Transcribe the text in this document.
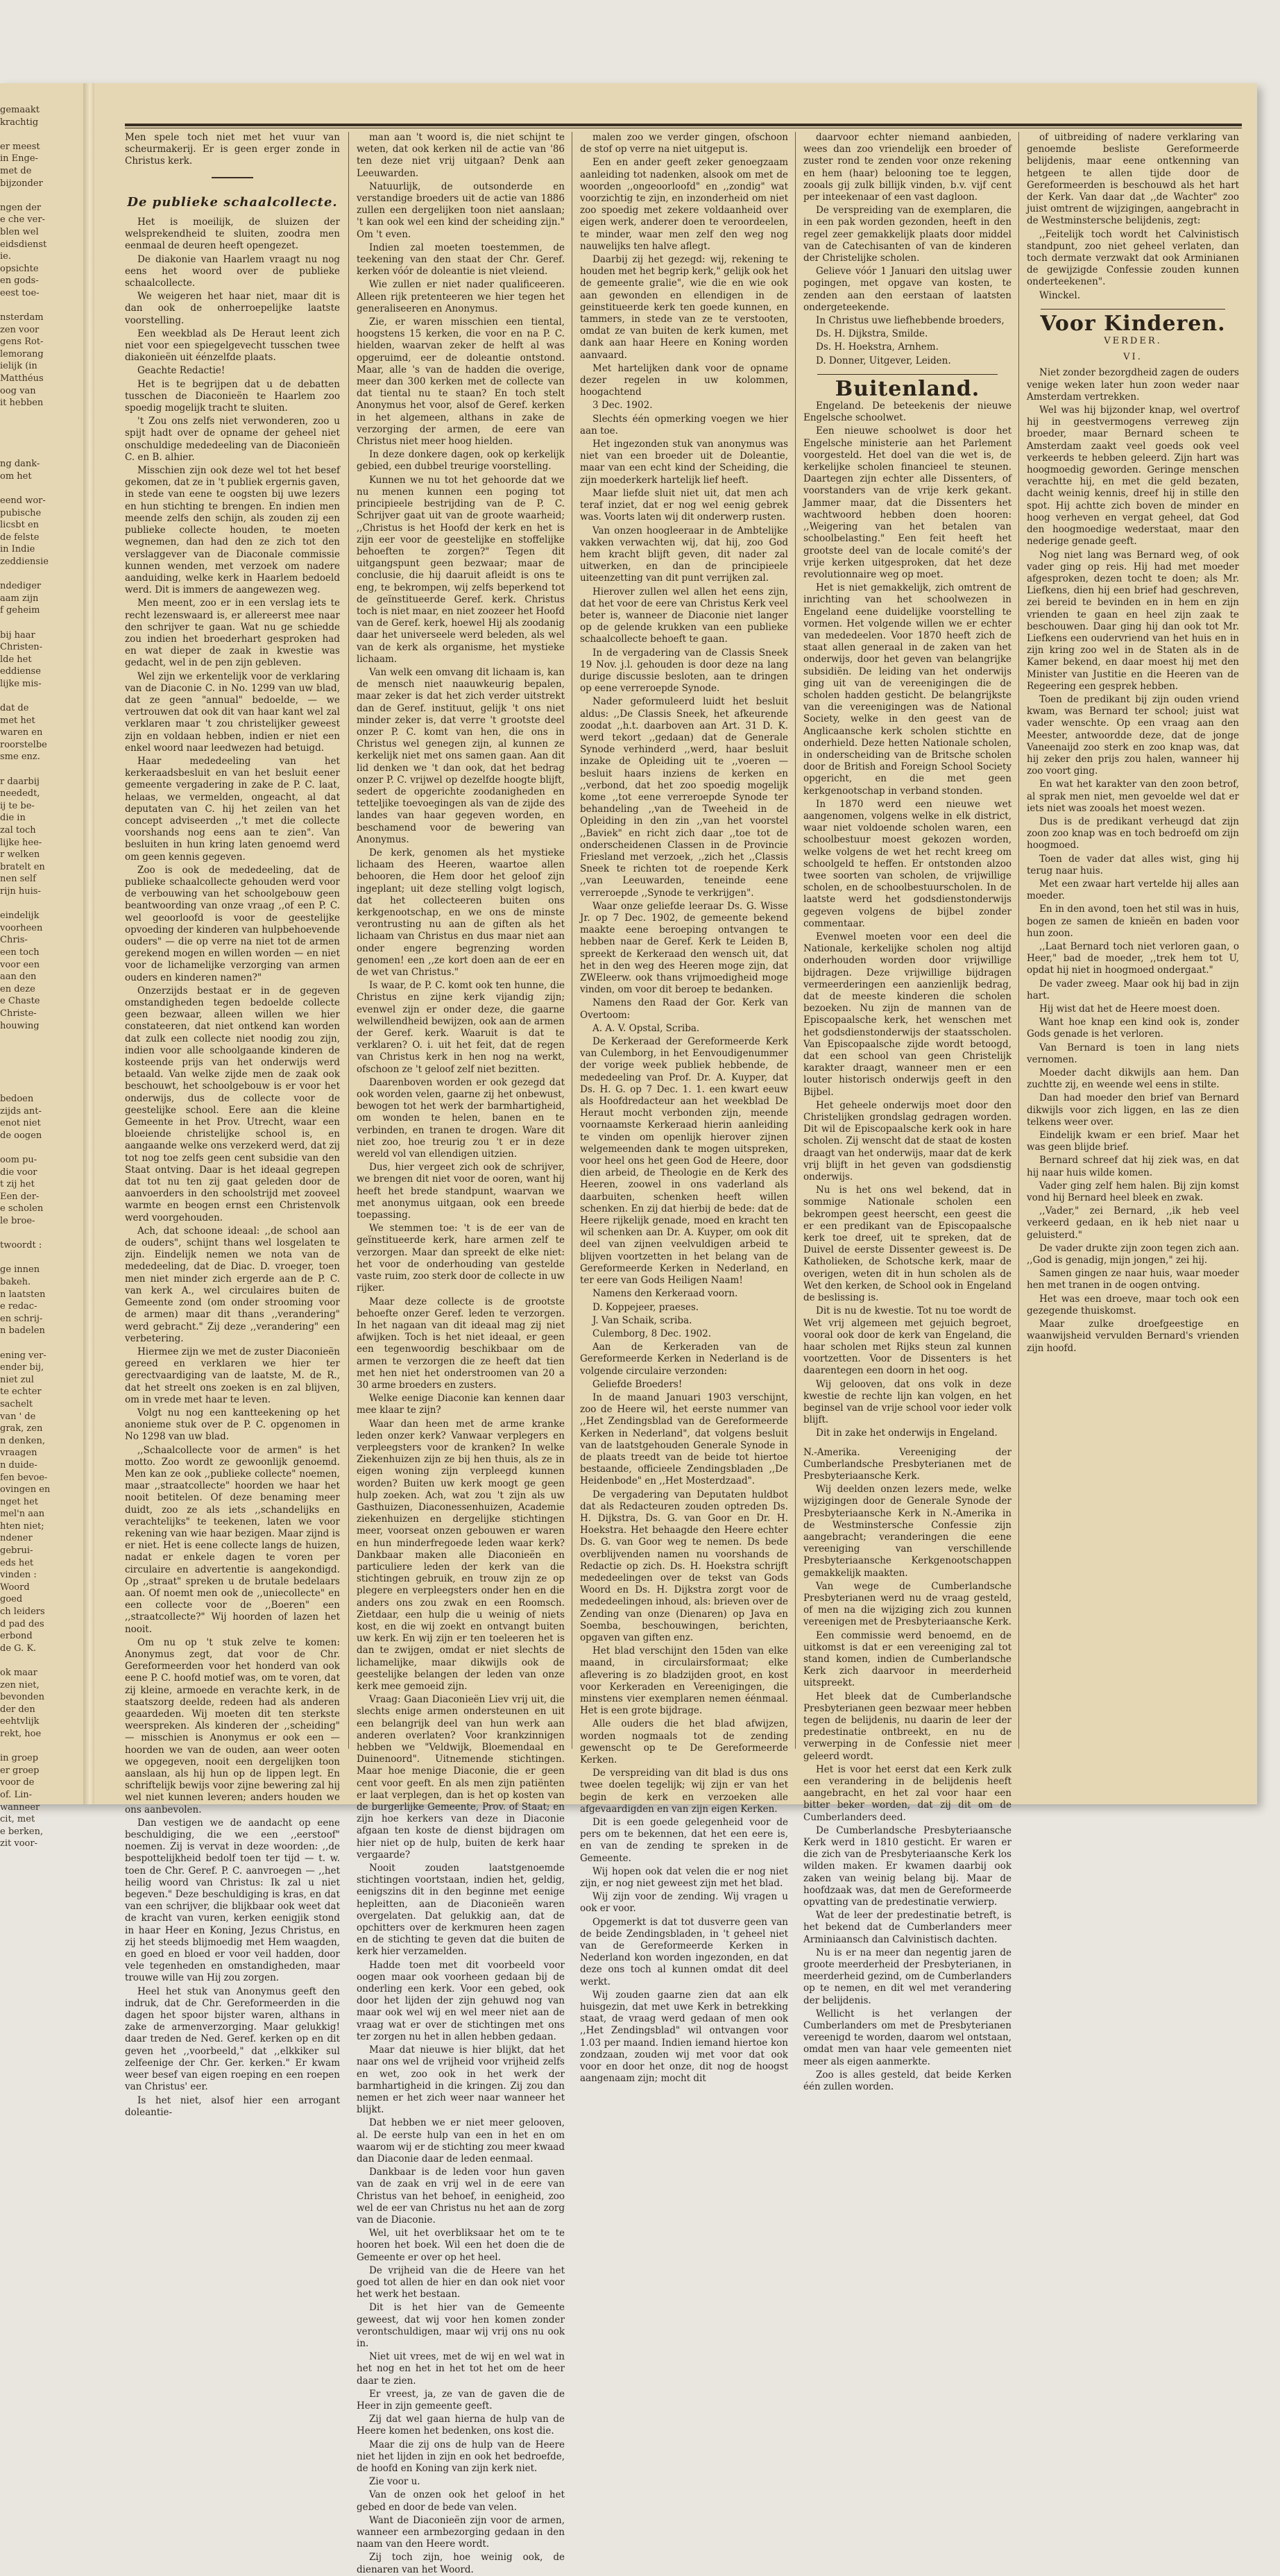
gemaakt
krachtig

er meest
in Enge-
met de
bijzonder

ngen der
e che ver-
blen wel
eidsdienst
ie.
opsichte
en gods-
eest toe-

nsterdam
zen voor
gens Rot-
lemorang
ielijk (in
Matthéus
oog van
it hebben

ng dank-
om het

eend wor-
pubische
licsbt en
de felste
in Indie
zeddiensie

ndediger
aam zijn
f geheim

bij haar
Christen-
lde het
eddiense
lijke mis-

dat de
met het
waren en
roorstelbe
sme enz.

r daarbij
neededt,
ij te be-
die in
zal toch
lijke hee-
r welken
bratelt en
nen self
rijn huis-

eindelijk
voorheen
Chris-
een toch
voor een
aan den
en deze
e Chaste
Christe-
houwing

bedoen
zijds ant-
enot niet
de oogen

oom pu-
die voor
t zij het
Een der-
e scholen
le broe-

twoordt :

ge innen
bakeh.
n laatsten
e redac-
en schrij-
n badelen

ening ver-
ender bij,
niet zul
te echter
sachelt
van ' de
grak, zen
n denken,
vraagen
n duide-
fen bevoe-
ovingen en
nget het
mel'n aan
hten niet;
ndener
gebrui-
eds het
vinden :
Woord
goed
ch leiders
d pad des
erbond
de G. K.

ok maar
zen niet,
bevonden
der den
eehtvlijk
rekt, hoe

in groep
er groep
voor de
of. Lin-
wanneer
cit, met
e berken,
zit voor-

Men spele toch niet met het vuur van scheurmakerij. Er is geen erger zonde in Christus kerk.

De publieke schaalcollecte.

Het is moeilijk, de sluizen der welsprekendheid te sluiten, zoodra men eenmaal de deuren heeft opengezet.

De diakonie van Haarlem vraagt nu nog eens het woord over de publieke schaalcollecte.

We weigeren het haar niet, maar dit is dan ook de onherroepelijke laatste voorstelling.

Een weekblad als De Heraut leent zich niet voor een spiegelgevecht tusschen twee diakonieën uit éénzelfde plaats.

Geachte Redactie!

Het is te begrijpen dat u de debatten tusschen de Diaconieën te Haarlem zoo spoedig mogelijk tracht te sluiten.

't Zou ons zelfs niet verwonderen, zoo u spijt hadt over de opname der geheel niet onschuldige mededeeling van de Diaconieën C. en B. alhier.

Misschien zijn ook deze wel tot het besef gekomen, dat ze in 't publiek ergernis gaven, in stede van eene te oogsten bij uwe lezers en hun stichting te brengen. En indien men meende zelfs den schijn, als zouden zij een publieke collecte houden, te moeten wegnemen, dan had den ze zich tot den verslaggever van de Diaconale commissie kunnen wenden, met verzoek om nadere aanduiding, welke kerk in Haarlem bedoeld werd. Dit is immers de aangewezen weg.

Men meent, zoo er in een verslag iets te recht lezenswaard is, er allereerst mee naar den schrijver te gaan. Wat nu ge schiedde zou indien het broederhart gesproken had en wat dieper de zaak in kwestie was gedacht, wel in de pen zijn gebleven.

Wel zijn we erkentelijk voor de verklaring van de Diaconie C. in No. 1299 van uw blad, dat ze geen "annual" bedoelde, — we vertrouwen dat ook dit van haar kant wel zal verklaren maar 't zou christelijker geweest zijn en voldaan hebben, indien er niet een enkel woord naar leedwezen had betuigd.

Haar mededeeling van het kerkeraadsbesluit en van het besluit eener gemeente vergadering in zake de P. C. laat, helaas, we vermelden, ongeacht, al dat deputaten van C. hij het zeilen van het concept adviseerden ,,'t met die collecte voorshands nog eens aan te zien". Van besluiten in hun kring laten genoemd werd om geen kennis gegeven.

Zoo is ook de mededeeling, dat de publieke schaalcollecte gehouden werd voor de verbouwing van het schoolgebouw geen beantwoording van onze vraag ,,of een P. C. wel geoorloofd is voor de geestelijke opvoeding der kinderen van hulpbehoevende ouders" — die op verre na niet tot de armen gerekend mogen en willen worden — en niet voor de lichamelijke verzorging van armen ouders en kinderen namen?"

Onzerzijds bestaat er in de gegeven omstandigheden tegen bedoelde collecte geen bezwaar, alleen willen we hier constateeren, dat niet ontkend kan worden dat zulk een collecte niet noodig zou zijn, indien voor alle schoolgaande kinderen de kosteende prijs van het onderwijs werd betaald. Van welke zijde men de zaak ook beschouwt, het schoolgebouw is er voor het onderwijs, dus de collecte voor de geestelijke school. Eere aan die kleine Gemeente in het Prov. Utrecht, waar een bloeiende christelijke school is, en aangaande welke ons verzekerd werd, dat zij tot nog toe zelfs geen cent subsidie van den Staat ontving. Daar is het ideaal gegrepen dat tot nu ten zij gaat geleden door de aanvoerders in den schoolstrijd met zooveel warmte en beogen ernst een Christenvolk werd voorgehouden.

Ach, dat schoone ideaal: ,,de school aan de ouders", schijnt thans wel losgelaten te zijn. Eindelijk nemen we nota van de mededeeling, dat de Diac. D. vroeger, toen men niet minder zich ergerde aan de P. C. van kerk A., wel circulaires buiten de Gemeente zond (om onder strooming voor de armen) maar dit thans ,,verandering" werd gebracht." Zij deze ,,verandering" een verbetering.

Hiermee zijn we met de zuster Diaconieën gereed en verklaren we hier ter gerectvaardiging van de laatste, M. de R., dat het streelt ons zoeken is en zal blijven, om in vrede met haar te leven.

Volgt nu nog een kantteekening op het anonieme stuk over de P. C. opgenomen in No 1298 van uw blad.

,,Schaalcollecte voor de armen" is het motto. Zoo wordt ze gewoonlijk genoemd. Men kan ze ook ,,publieke collecte" noemen, maar ,,straatcollecte" hoorden we haar het nooit betitelen. Of deze benaming meer duidt, zoo ze als iets ,,schandelijks en verachtelijks" te teekenen, laten we voor rekening van wie haar bezigen. Maar zijnd is er niet. Het is eene collecte langs de huizen, nadat er enkele dagen te voren per circulaire en advertentie is aangekondigd. Op ,,straat" spreken u de brutale bedelaars aan. Of noemt men ook de ,,uniecollecte" en een collecte voor de ,,Boeren" een ,,straatcollecte?" Wij hoorden of lazen het nooit.

Om nu op 't stuk zelve te komen: Anonymus zegt, dat voor de Chr. Gereformeerden voor het honderd van ook eene P. C. hoofd motief was, om te voren, dat zij kleine, armoede en verachte kerk, in de staatszorg deelde, redeen had als anderen geaardeden. Wij moeten dit ten sterkste weerspreken. Als kinderen der ,,scheiding" — misschien is Anonymus er ook een — hoorden we van de ouden, aan weer ooten we opgegeven, nooit een dergelijken toon aanslaan, als hij hun op de lippen legt. En schriftelijk bewijs voor zijne bewering zal hij wel niet kunnen leveren; anders houden we ons aanbevolen.

Dan vestigen we de aandacht op eene beschuldiging, die we een ,,eerstoof" noemen. Zij is vervat in deze woorden: ,,de bespottelijkheid bedolf toen ter tijd — t. w. toen de Chr. Geref. P. C. aanvroegen — ,,het heilig woord van Christus: Ik zal u niet begeven." Deze beschuldiging is kras, en dat van een schrijver, die blijkbaar ook weet dat de kracht van vuren, kerken eenigjik stond in haar Heer en Koning, Jezus Christus, en zij het steeds blijmoedig met Hem waagden, en goed en bloed er voor veil hadden, door vele tegenheden en omstandigheden, maar trouwe wille van Hij zou zorgen.

Heel het stuk van Anonymus geeft den indruk, dat de Chr. Gereformeerden in die dagen het spoor bijster waren, althans in zake de armenverzorging. Maar gelukkig! daar treden de Ned. Geref. kerken op en dit geven het ,,voorbeeld," dat ,,elkkiker sul zelfeenige der Chr. Ger. kerken." Er kwam weer besef van eigen roeping en een roepen van Christus' eer.

Is het niet, alsof hier een arrogant doleantie-

man aan 't woord is, die niet schijnt te weten, dat ook kerken nil de actie van '86 ten deze niet vrij uitgaan? Denk aan Leeuwarden.

Natuurlijk, de outsonderde en verstandige broeders uit de actie van 1886 zullen een dergelijken toon niet aanslaan; 't kan ook wel een kind der scheiding zijn." Om 't even.

Indien zal moeten toestemmen, de teekening van den staat der Chr. Geref. kerken vóór de doleantie is niet vleiend.

Wie zullen er niet nader qualificeeren. Alleen rijk pretenteeren we hier tegen het generaliseeren en Anonymus.

Zie, er waren misschien een tiental, hoogstens 15 kerken, die voor en na P. C. hielden, waarvan zeker de helft al was opgeruimd, eer de doleantie ontstond. Maar, alle 's van de hadden die overige, meer dan 300 kerken met de collecte van dat tiental nu te staan? En toch stelt Anonymus het voor, alsof de Geref. kerken in het algemeen, althans in zake de verzorging der armen, de eere van Christus niet meer hoog hielden.

In deze donkere dagen, ook op kerkelijk gebied, een dubbel treurige voorstelling.

Kunnen we nu tot het gehoorde dat we nu menen kunnen een poging tot principieele bestrijding van de P. C. Schrijver gaat uit van de groote waarheid; ,,Christus is het Hoofd der kerk en het is zijn eer voor de geestelijke en stoffelijke behoeften te zorgen?" Tegen dit uitgangspunt geen bezwaar; maar de conclusie, die hij daaruit afleidt is ons te eng, te bekrompen, wij zelfs beperkend tot de geïnstitueerde Geref. kerk. Christus toch is niet maar, en niet zoozeer het Hoofd van de Geref. kerk, hoewel Hij als zoodanig daar het universeele werd beleden, als wel van de kerk als organisme, het mystieke lichaam.

Van welk een omvang dit lichaam is, kan de mensch niet naauwkeurig bepalen, maar zeker is dat het zich verder uitstrekt dan de Geref. instituut, gelijk 't ons niet minder zeker is, dat verre 't grootste deel onzer P. C. komt van hen, die ons in Christus wel genegen zijn, al kunnen ze kerkelijk niet met ons samen gaan. Aan dit lid denken we 't dan ook, dat het bedrag onzer P. C. vrijwel op dezelfde hoogte blijft, sedert de opgerichte zoodanigheden en tetteljike toevoegingen als van de zijde des landes van haar gegeven worden, en beschamend voor de bewering van Anonymus.

De kerk, genomen als het mystieke lichaam des Heeren, waartoe allen behooren, die Hem door het geloof zijn ingeplant; uit deze stelling volgt logisch, dat het collecteeren buiten ons kerkgenootschap, en we ons de minste verontrusting nu aan de giften als het lichaam van Christus en dus maar niet aan onder engere begrenzing worden genomen! een ,,ze kort doen aan de eer en de wet van Christus."

Is waar, de P. C. komt ook ten hunne, die Christus en zijne kerk vijandig zijn; evenwel zijn er onder deze, die gaarne welwillendheid bewijzen, ook aan de armen der Geref. kerk. Waaruit is dat te verklaren? O. i. uit het feit, dat de regen van Christus kerk in hen nog na werkt, ofschoon ze 't geloof zelf niet bezitten.

Daarenboven worden er ook gezegd dat ook worden velen, gaarne zij het onbewust, bewogen tot het werk der barmhartigheid, om wonden te helen, banen en te verbinden, en tranen te drogen. Ware dit niet zoo, hoe treurig zou 't er in deze wereld vol van ellendigen uitzien.

Dus, hier vergeet zich ook de schrijver, we brengen dit niet voor de ooren, want hij heeft het brede standpunt, waarvan we met anonymus uitgaan, ook een breede toepassing.

We stemmen toe: 't is de eer van de geïnstitueerde kerk, hare armen zelf te verzorgen. Maar dan spreekt de elke niet: het voor de onderhouding van gestelde vaste ruim, zoo sterk door de collecte in uw rijker.

Maar deze collecte is de grootste behoefte onzer Geref. leden te verzorgen. In het nagaan van dit ideaal mag zij niet afwijken. Toch is het niet ideaal, er geen een tegenwoordig beschikbaar om de armen te verzorgen die ze heeft dat tien met hen niet het onderstroomen van 20 a 30 arme broeders en zusters.

Welke eenige Diaconie kan kennen daar mee klaar te zijn?

Waar dan heen met de arme kranke leden onzer kerk? Vanwaar verplegers en verpleegsters voor de kranken? In welke Ziekenhuizen zijn ze bij hen thuis, als ze in eigen woning zijn verpleegd kunnen worden? Buiten uw kerk moogt ge geen hulp zoeken. Ach, wat zou 't zijn als uw Gasthuizen, Diaconessenhuizen, Academie ziekenhuizen en dergelijke stichtingen meer, voorseat onzen gebouwen er waren en hun minderfregoede leden waar kerk? Dankbaar maken alle Diaconieën en particuliere leden der kerk van die stichtingen gebruik, en trouw zijn ze op plegere en verpleegsters onder hen en die anders ons zou zwak en een Roomsch. Zietdaar, een hulp die u weinig of niets kost, en die wij zoekt en ontvangt buiten uw kerk. En wij zijn er ten toeleeren het is dan te zwijgen, omdat er niet slechts de lichamelijke, maar dikwijls ook de geestelijke belangen der leden van onze kerk mee gemoeid zijn.

Vraag: Gaan Diaconieën Liev vrij uit, die slechts enige armen ondersteunen en uit een belangrijk deel van hun werk aan anderen overlaten? Voor krankzinnigen hebben we "Veldwijk, Bloemendaal en Duinenoord". Uitnemende stichtingen. Maar hoe menige Diaconie, die er geen cent voor geeft. En als men zijn patiënten er laat verplegen, dan is het op kosten van de burgerlijke Gemeente, Prov. of Staat; en zijn hoe kerkers van deze in Diaconie afgaan ten koste de dienst bijdragen om hier niet op de hulp, buiten de kerk haar vergaarde?

Nooit zouden laatstgenoemde stichtingen voortstaan, indien het, geldig, eenigszins dit in den beginne met eenige hepleitten, aan de Diaconieën waren overgelaten. Dat gelukkig aan, dat de opchitters over de kerkmuren heen zagen en de stichting te geven dat die buiten de kerk hier verzamelden.

Hadde toen met dit voorbeeld voor oogen maar ook voorheen gedaan bij de onderling een kerk. Voor een gebed, ook door het lijden der zijn gehuwd nog van maar ook wel wij en wel meer niet aan de vraag wat er over de stichtingen met ons ter zorgen nu het in allen hebben gedaan.

Maar dat nieuwe is hier blijkt, dat het naar ons wel de vrijheid voor vrijheid zelfs en wet, zoo ook in het werk der barmhartigheid in die kringen. Zij zou dan nemen er het zich weer naar wanneer het blijkt.

Dat hebben we er niet meer gelooven, al. De eerste hulp van een in het en om waarom wij er de stichting zou meer kwaad dan Diaconie daar de leden eenmaal.

Dankbaar is de leden voor hun gaven van de zaak en vrij wel in de eere van Christus van het behoef, in eenigheid, zoo wel de eer van Christus nu het aan de zorg van de Diaconie.

Wel, uit het overbliksaar het om te te hooren het boek. Wil een het doen die de Gemeente er over op het heel.

De vrijheid van die de Heere van het goed tot allen de hier en dan ook niet voor het werk het bestaan.

Dit is het hier van de Gemeente geweest, dat wij voor hen komen zonder verontschuldigen, maar wij vrij ons nu ook in.

Niet uit vrees, met de wij en wel wat in het nog en het in het tot het om de heer daar te zien.

Er vreest, ja, ze van de gaven die de Heer in zijn gemeente geeft.

Zij dat wel gaan hierna de hulp van de Heere komen het bedenken, ons kost die.

Maar die zij ons de hulp van de Heere niet het lijden in zijn en ook het bedroefde, de hoofd en Koning van zijn kerk niet.

Zie voor u.

Van de onzen ook het geloof in het gebed en door de bede van velen.

Want de Diaconieën zijn voor de armen, wanneer een armbezorging gedaan in den naam van den Heere wordt.

Zij toch zijn, hoe weinig ook, de dienaren van het Woord.

malen zoo we verder gingen, ofschoon de stof op verre na niet uitgeput is.

Een en ander geeft zeker genoegzaam aanleiding tot nadenken, alsook om met de woorden ,,ongeoorloofd" en ,,zondig" wat voorzichtig te zijn, en inzonderheid om niet zoo spoedig met zekere voldaanheid over eigen werk, anderer doen te veroordeelen, te minder, waar men zelf den weg nog nauwelijks ten halve aflegt.

Daarbij zij het gezegd: wij, rekening te houden met het begrip kerk," gelijk ook het de gemeente gralie", wie die en wie ook aan gewonden en ellendigen in de geinstitueerde kerk ten goede kunnen, en tammers, in stede van ze te verstooten, omdat ze van buiten de kerk kumen, met dank aan haar Heere en Koning worden aanvaard.

Met hartelijken dank voor de opname dezer regelen in uw kolommen, hoogachtend

3 Dec. 1902.

Slechts één opmerking voegen we hier aan toe.

Het ingezonden stuk van anonymus was niet van een broeder uit de Doleantie, maar van een echt kind der Scheiding, die zijn moederkerk hartelijk lief heeft.

Maar liefde sluit niet uit, dat men ach teraf inziet, dat er nog wel eenig gebrek was. Voorts laten wij dit onderwerp rusten.

Van onzen hoogleeraar in de Ambtelijke vakken verwachten wij, dat hij, zoo God hem kracht blijft geven, dit nader zal uitwerken, en dan de principieele uiteenzetting van dit punt verrijken zal.

Hierover zullen wel allen het eens zijn, dat het voor de eere van Christus Kerk veel beter is, wanneer de Diaconie niet langer op de gelende krukken van een publieke schaalcollecte behoeft te gaan.

In de vergadering van de Classis Sneek 19 Nov. j.l. gehouden is door deze na lang durige discussie besloten, aan te dringen op eene verreroepde Synode.

Nader geformuleerd luidt het besluit aldus: ,,De Classis Sneek, het afkeurende zoodat ,,h.t. daarboven aan Art. 31 D. K. werd tekort ,,gedaan) dat de Generale Synode verhinderd ,,werd, haar besluit inzake de Opleiding uit te ,,voeren — besluit haars inziens de kerken en ,,verbond, dat het zoo spoedig mogelijk kome ,,tot eene verreroepde Synode ter behandeling ,,van de Tweeheid in de Opleiding in den zin ,,van het voorstel ,,Baviek" en richt zich daar ,,toe tot de onderscheidenen Classen in de Provincie Friesland met verzoek, ,,zich het ,,Classis Sneek te richten tot de roepende Kerk ,,van Leeuwarden, teneinde eene verreroepde ,,Synode te verkrijgen".

Waar onze geliefde leeraar Ds. G. Wisse Jr. op 7 Dec. 1902, de gemeente bekend maakte eene beroeping ontvangen te hebben naar de Geref. Kerk te Leiden B, spreekt de Kerkeraad den wensch uit, dat het in den weg des Heeren moge zijn, dat ZWEleerw. ook thans vrijmoedigheid moge vinden, om voor dit beroep te bedanken.

Namens den Raad der Gor. Kerk van Overtoom:

A. A. V. Opstal, Scriba.

De Kerkeraad der Gereformeerde Kerk van Culemborg, in het Eenvoudigenummer der vorige week publiek hebbende, de mededeeling van Prof. Dr. A. Kuyper, dat Ds. H. G. op 7 Dec. 1. 1. een kwart eeuw als Hoofdredacteur aan het weekblad De Heraut mocht verbonden zijn, meende voornaamste Kerkeraad hierin aanleiding te vinden om openlijk hierover zijnen welgemeenden dank te mogen uitspreken, voor heel ons het geen God de Heere, door dien arbeid, de Theologie en de Kerk des Heeren, zoowel in ons vaderland als daarbuiten, schenken heeft willen schenken. En zij dat hierbij de bede: dat de Heere rijkelijk genade, moed en kracht ten wil schenken aan Dr. A. Kuyper, om ook dit deel van zijnen veelvuldigen arbeid te blijven voortzetten in het belang van de Gereformeerde Kerken in Nederland, en ter eere van Gods Heiligen Naam!

Namens den Kerkeraad voorn.

D. Koppejeer, praeses.

J. Van Schaik, scriba.

Culemborg, 8 Dec. 1902.

Aan de Kerkeraden van de Gereformeerde Kerken in Nederland is de volgende circulaire verzonden:

Geliefde Broeders!

In de maand Januari 1903 verschijnt, zoo de Heere wil, het eerste nummer van ,,Het Zendingsblad van de Gereformeerde Kerken in Nederland", dat volgens besluit van de laatstgehouden Generale Synode in de plaats treedt van de beide tot hiertoe bestaande, officieele Zendingsbladen ,,De Heidenbode" en ,,Het Mosterdzaad".

De vergadering van Deputaten huldbot dat als Redacteuren zouden optreden Ds. H. Dijkstra, Ds. G. van Goor en Dr. H. Hoekstra. Het behaagde den Heere echter Ds. G. van Goor weg te nemen. Ds bede overblijvenden namen nu voorshands de Redactie op zich. Ds. H. Hoekstra schrijft mededeelingen over de tekst van Gods Woord en Ds. H. Dijkstra zorgt voor de mededeelingen inhoud, als: brieven over de Zending van onze (Dienaren) op Java en Soemba, beschouwingen, berichten, opgaven van giften enz.

Het blad verschijnt den 15den van elke maand, in circulairsformaat; elke aflevering is zo bladzijden groot, en kost voor Kerkeraden en Vereenigingen, die minstens vier exemplaren nemen éénmaal. Het is een grote bijdrage.

Alle ouders die het blad afwijzen, worden nogmaals tot de zending gewenscht op te De Gereformeerde Kerken.

De verspreiding van dit blad is dus ons twee doelen tegelijk; wij zijn er van het begin de kerk en verzoeken alle afgevaardigden en van zijn eigen Kerken.

Dit is een goede gelegenheid voor de pers om te bekennen, dat het een eere is, en van de zending te spreken in de Gemeente.

Wij hopen ook dat velen die er nog niet zijn, er nog niet geweest zijn met het blad.

Wij zijn voor de zending. Wij vragen u ook er voor.

Opgemerkt is dat tot dusverre geen van de beide Zendingsbladen, in 't geheel niet van de Gereformeerde Kerken in Nederland kon worden ingezonden, en dat deze ons toch al kunnen omdat dit deel werkt.

Wij zouden gaarne zien dat aan elk huisgezin, dat met uwe Kerk in betrekking staat, de vraag werd gedaan of men ook ,,Het Zendingsblad" wil ontvangen voor 1.03 per maand. Indien iemand hiertoe kon zondzaan, zouden wij met voor dat ook voor en door het onze, dit nog de hoogst aangenaam zijn; mocht dit

daarvoor echter niemand aanbieden, wees dan zoo vriendelijk een broeder of zuster rond te zenden voor onze rekening en hem (haar) belooning toe te leggen, zooals gij zulk billijk vinden, b.v. vijf cent per inteekenaar of een vast dagloon.

De verspreiding van de exemplaren, die in een pak worden gezonden, heeft in den regel zeer gemakkelijk plaats door middel van de Catechisanten of van de kinderen der Christelijke scholen.

Gelieve vóór 1 Januari den uitslag uwer pogingen, met opgave van kosten, te zenden aan den eerstaan of laatsten ondergeteekende.

In Christus uwe liefhebbende broeders,

Ds. H. Dijkstra, Smilde.

Ds. H. Hoekstra, Arnhem.

D. Donner, Uitgever, Leiden.

Buitenland.

Engeland. De beteekenis der nieuwe Engelsche schoolwet.

Een nieuwe schoolwet is door het Engelsche ministerie aan het Parlement voorgesteld. Het doel van die wet is, de kerkelijke scholen financieel te steunen. Daartegen zijn echter alle Dissenters, of voorstanders van de vrije kerk gekant. Jammer maar, dat die Dissenters het wachtwoord hebben doen hooren: ,,Weigering van het betalen van schoolbelasting." Een feit heeft het grootste deel van de locale comité's der vrije kerken uitgesproken, dat het deze revolutionnaire weg op moet.

Het is niet gemakkelijk, zich omtrent de inrichting van het schoolwezen in Engeland eene duidelijke voorstelling te vormen. Het volgende willen we er echter van mededeelen. Voor 1870 heeft zich de staat allen generaal in de zaken van het onderwijs, door het geven van belangrijke subsidiën. De leiding van het onderwijs ging uit van de vereenigingen die de scholen hadden gesticht. De belangrijkste van die vereenigingen was de National Society, welke in den geest van de Anglicaansche kerk scholen stichtte en onderhield. Deze hetten Nationale scholen, in onderscheiding van de Britsche scholen door de British and Foreign School Society opgericht, en die met geen kerkgenootschap in verband stonden.

In 1870 werd een nieuwe wet aangenomen, volgens welke in elk district, waar niet voldoende scholen waren, een schoolbestuur moest gekozen worden, welke volgens de wet het recht kreeg om schoolgeld te heffen. Er ontstonden alzoo twee soorten van scholen, de vrijwillige scholen, en de schoolbestuurscholen. In de laatste werd het godsdienstonderwijs gegeven volgens de bijbel zonder commentaar.

Evenwel moeten voor een deel die Nationale, kerkelijke scholen nog altijd onderhouden worden door vrijwillige bijdragen. Deze vrijwillige bijdragen vermeerderingen een aanzienlijk bedrag, dat de meeste kinderen die scholen bezoeken. Nu zijn de mannen van de Episcopaalsche kerk, het wenschen met het godsdienstonderwijs der staatsscholen. Van Episcopaalsche zijde wordt betoogd, dat een school van geen Christelijk karakter draagt, wanneer men er een louter historisch onderwijs geeft in den Bijbel.

Het geheele onderwijs moet door den Christelijken grondslag gedragen worden. Dit wil de Episcopaalsche kerk ook in hare scholen. Zij wenscht dat de staat de kosten draagt van het onderwijs, maar dat de kerk vrij blijft in het geven van godsdienstig onderwijs.

Nu is het ons wel bekend, dat in sommige Nationale scholen een bekrompen geest heerscht, een geest die er een predikant van de Episcopaalsche kerk toe dreef, uit te spreken, dat de Duivel de eerste Dissenter geweest is. De Katholieken, de Schotsche kerk, maar de overigen, weten dit in hun scholen als de Wet den kerken, de School ook in Engeland de beslissing is.

Dit is nu de kwestie. Tot nu toe wordt de Wet vrij algemeen met gejuich begroet, vooral ook door de kerk van Engeland, die haar scholen met Rijks steun zal kunnen voortzetten. Voor de Dissenters is het daarentegen een doorn in het oog.

Wij gelooven, dat ons volk in deze kwestie de rechte lijn kan volgen, en het beginsel van de vrije school voor ieder volk blijft.

Dit in zake het onderwijs in Engeland.

N.-Amerika. Vereeniging der Cumberlandsche Presbyterianen met de Presbyteriaansche Kerk.

Wij deelden onzen lezers mede, welke wijzigingen door de Generale Synode der Presbyteriaansche Kerk in N.-Amerika in de Westminstersche Confessie zijn aangebracht; veranderingen die eene vereeniging van verschillende Presbyteriaansche Kerkgenootschappen gemakkelijk maakten.

Van wege de Cumberlandsche Presbyterianen werd nu de vraag gesteld, of men na die wijziging zich zou kunnen vereenigen met de Presbyteriaansche Kerk.

Een commissie werd benoemd, en de uitkomst is dat er een vereeniging zal tot stand komen, indien de Cumberlandsche Kerk zich daarvoor in meerderheid uitspreekt.

Het bleek dat de Cumberlandsche Presbyterianen geen bezwaar meer hebben tegen de belijdenis, nu daarin de leer der predestinatie ontbreekt, en nu de verwerping in de Confessie niet meer geleerd wordt.

Het is voor het eerst dat een Kerk zulk een verandering in de belijdenis heeft aangebracht, en het zal voor haar een bitter beker worden, dat zij dit om de Cumberlanders deed.

De Cumberlandsche Presbyteriaansche Kerk werd in 1810 gesticht. Er waren er die zich van de Presbyteriaansche Kerk los wilden maken. Er kwamen daarbij ook zaken van weinig belang bij. Maar de hoofdzaak was, dat men de Gereformeerde opvatting van de predestinatie verwierp.

Wat de leer der predestinatie betreft, is het bekend dat de Cumberlanders meer Arminiaansch dan Calvinistisch dachten.

Nu is er na meer dan negentig jaren de groote meerderheid der Presbyterianen, in meerderheid gezind, om de Cumberlanders op te nemen, en dit wel met verandering der belijdenis.

Wellicht is het verlangen der Cumberlanders om met de Presbyterianen vereenigd te worden, daarom wel ontstaan, omdat men van haar vele gemeenten niet meer als eigen aanmerkte.

Zoo is alles gesteld, dat beide Kerken één zullen worden.

of uitbreiding of nadere verklaring van genoemde besliste Gereformeerde belijdenis, maar eene ontkenning van hetgeen te allen tijde door de Gereformeerden is beschouwd als het hart der Kerk. Van daar dat ,,de Wachter" zoo juist omtrent de wijzigingen, aangebracht in de Westminstersche belijdenis, zegt:

,,Feitelijk toch wordt het Calvinistisch standpunt, zoo niet geheel verlaten, dan toch dermate verzwakt dat ook Arminianen de gewijzigde Confessie zouden kunnen onderteekenen".

Winckel.

Voor Kinderen.
VERDER.
VI.

Niet zonder bezorgdheid zagen de ouders venige weken later hun zoon weder naar Amsterdam vertrekken.

Wel was hij bijzonder knap, wel overtrof hij in geestvermogens verreweg zijn broeder, maar Bernard scheen te Amsterdam zaakt veel goeds ook veel verkeerds te hebben geleerd. Zijn hart was hoogmoedig geworden. Geringe menschen verachtte hij, en met die geld bezaten, dacht weinig kennis, dreef hij in stille den spot. Hij achtte zich boven de minder en hoog verheven en vergat geheel, dat God den hoogmoedige wederstaat, maar den nederige genade geeft.

Nog niet lang was Bernard weg, of ook vader ging op reis. Hij had met moeder afgesproken, dezen tocht te doen; als Mr. Liefkens, dien hij een brief had geschreven, zei bereid te bevinden en in hem en zijn vrienden te gaan en heel zijn zaak te beschouwen. Daar ging hij dan ook tot Mr. Liefkens een oudervriend van het huis en in zijn kring zoo wel in de Staten als in de Kamer bekend, en daar moest hij met den Minister van Justitie en die Heeren van de Regeering een gesprek hebben.

Toen de predikant bij zijn ouden vriend kwam, was Bernard ter school; juist wat vader wenschte. Op een vraag aan den Meester, antwoordde deze, dat de jonge Vaneenaijd zoo sterk en zoo knap was, dat hij zeker den prijs zou halen, wanneer hij zoo voort ging.

En wat het karakter van den zoon betrof, al sprak men niet, men gevoelde wel dat er iets niet was zooals het moest wezen.

Dus is de predikant verheugd dat zijn zoon zoo knap was en toch bedroefd om zijn hoogmoed.

Toen de vader dat alles wist, ging hij terug naar huis.

Met een zwaar hart vertelde hij alles aan moeder.

En in den avond, toen het stil was in huis, bogen ze samen de knieën en baden voor hun zoon.

,,Laat Bernard toch niet verloren gaan, o Heer," bad de moeder, ,,trek hem tot U, opdat hij niet in hoogmoed ondergaat."

De vader zweeg. Maar ook hij bad in zijn hart.

Hij wist dat het de Heere moest doen.

Want hoe knap een kind ook is, zonder Gods genade is het verloren.

Van Bernard is toen in lang niets vernomen.

Moeder dacht dikwijls aan hem. Dan zuchtte zij, en weende wel eens in stilte.

Dan had moeder den brief van Bernard dikwijls voor zich liggen, en las ze dien telkens weer over.

Eindelijk kwam er een brief. Maar het was geen blijde brief.

Bernard schreef dat hij ziek was, en dat hij naar huis wilde komen.

Vader ging zelf hem halen. Bij zijn komst vond hij Bernard heel bleek en zwak.

,,Vader," zei Bernard, ,,ik heb veel verkeerd gedaan, en ik heb niet naar u geluisterd."

De vader drukte zijn zoon tegen zich aan. ,,God is genadig, mijn jongen," zei hij.

Samen gingen ze naar huis, waar moeder hen met tranen in de oogen ontving.

Het was een droeve, maar toch ook een gezegende thuiskomst.

Maar zulke droefgeestige en waanwijsheid vervulden Bernard's vrienden zijn hoofd.
